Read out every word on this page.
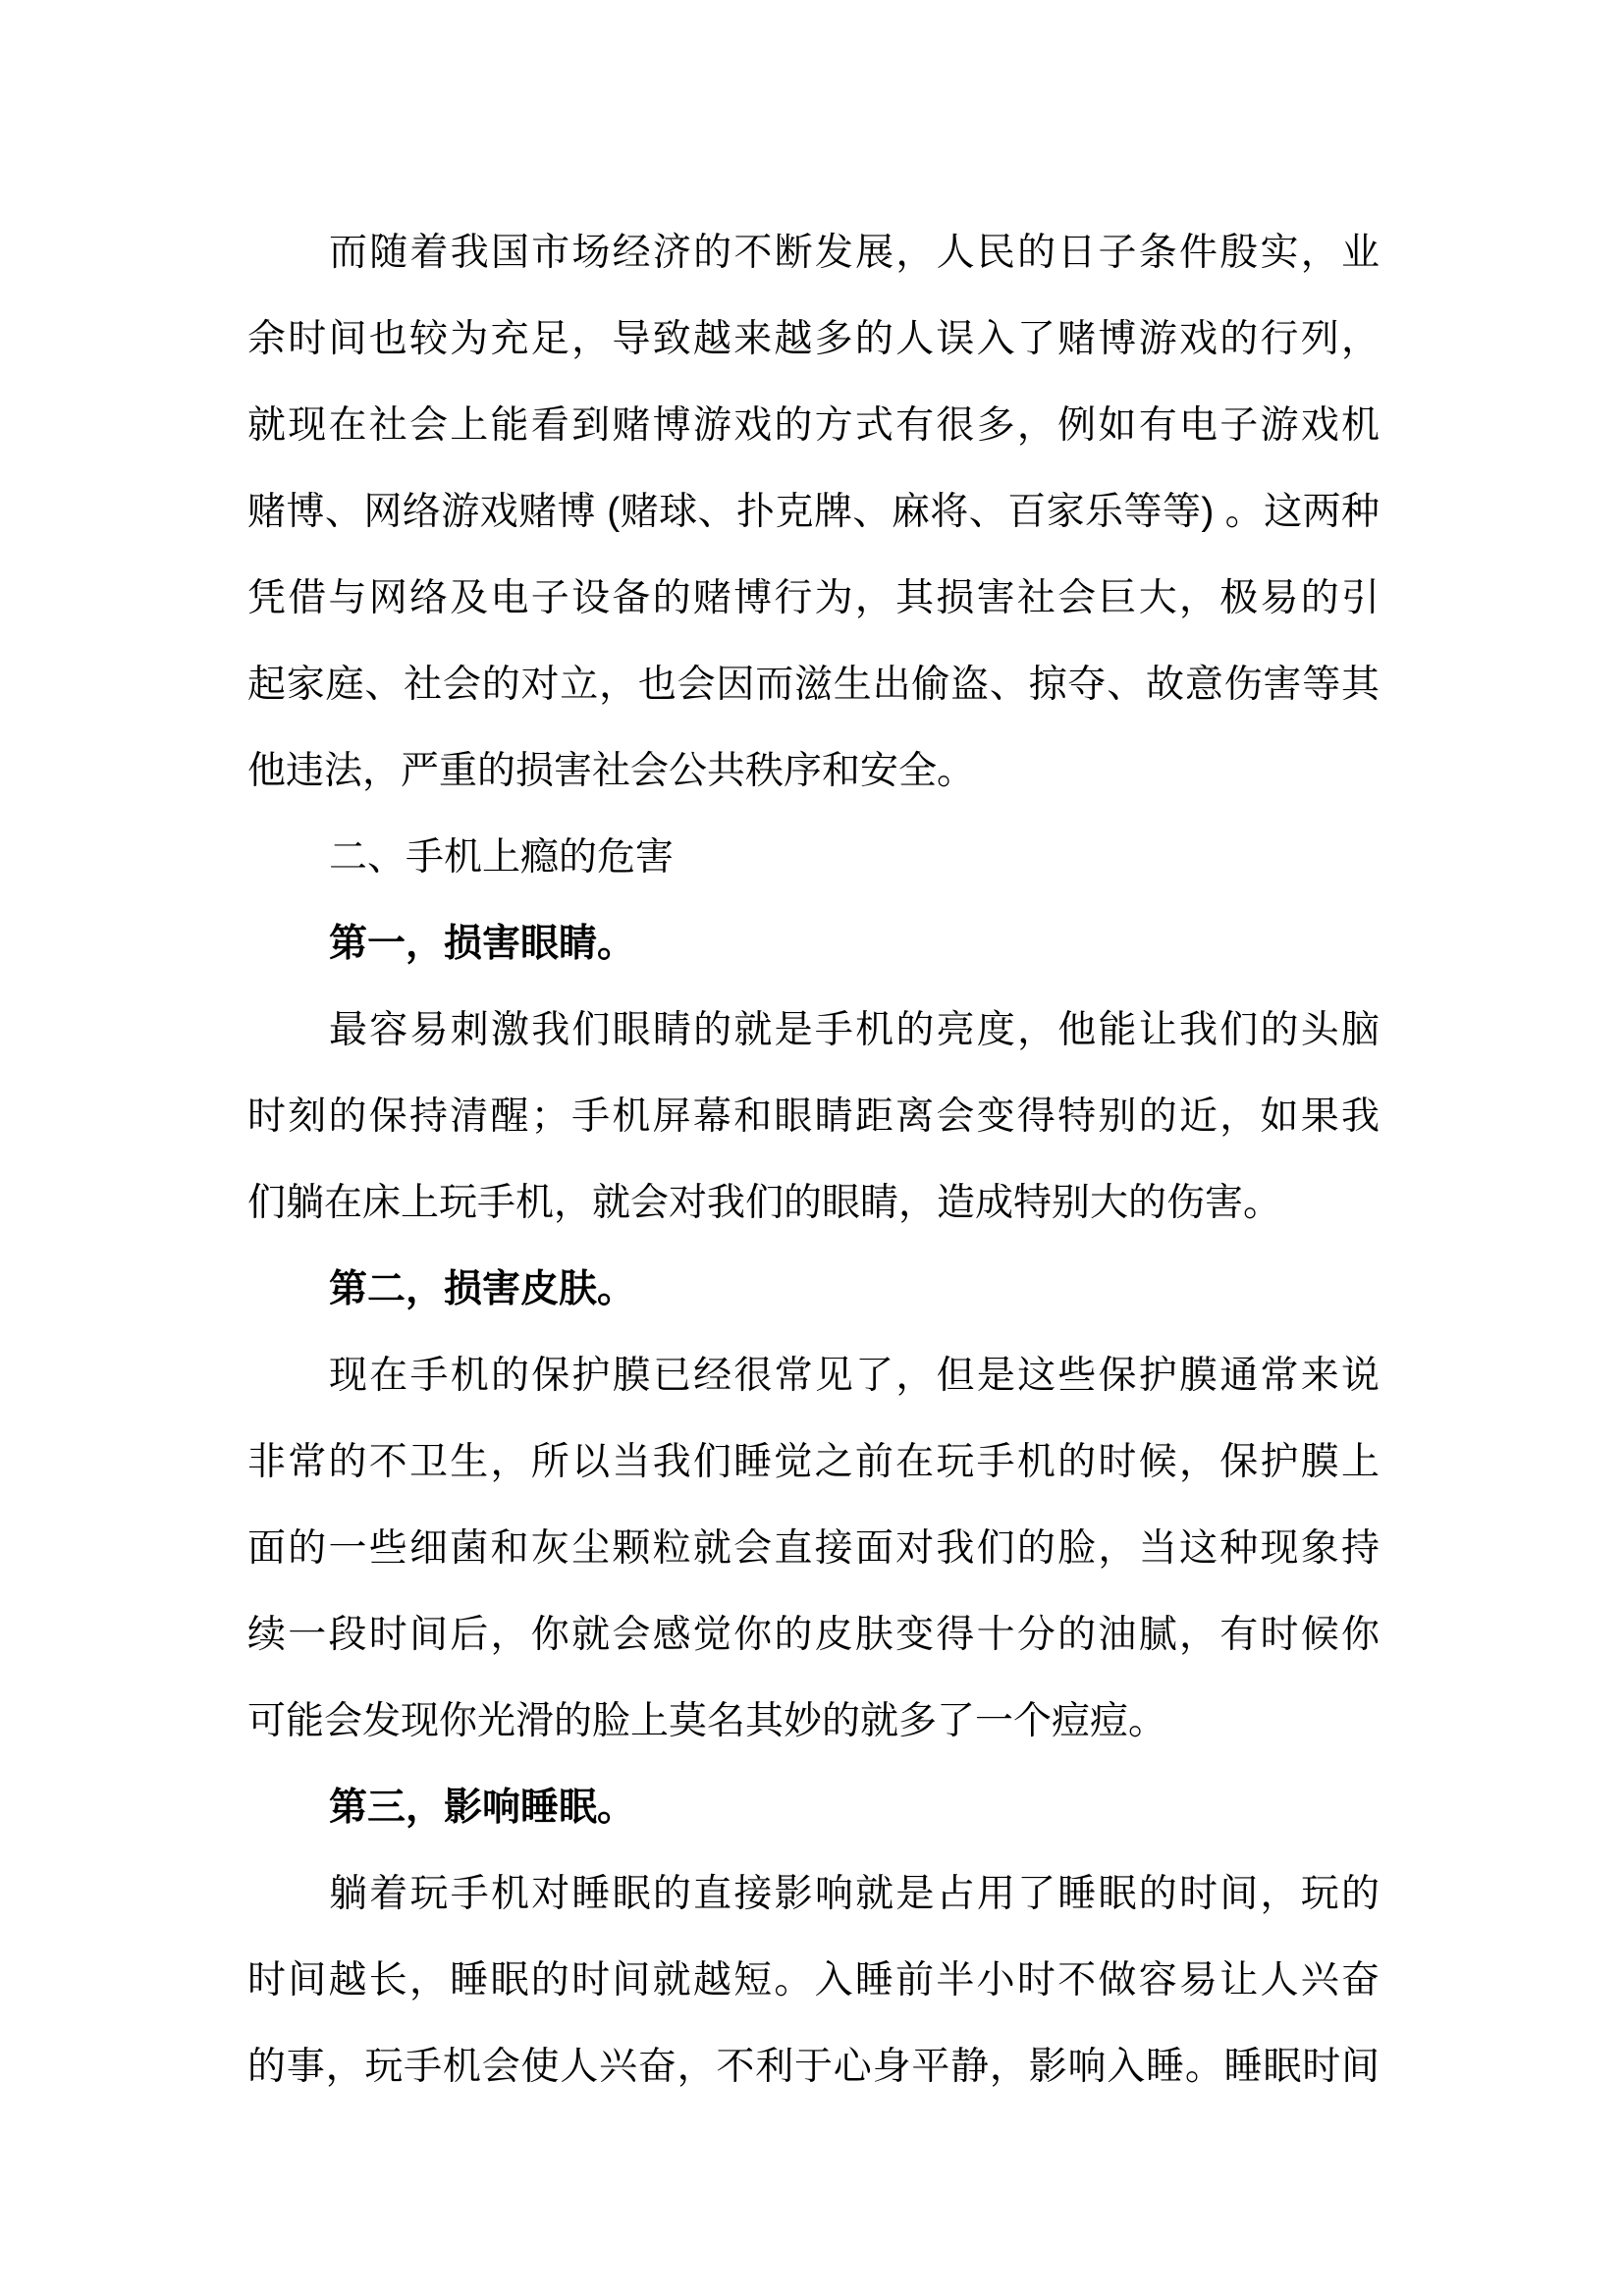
而随着我国市场经济的不断发展，人民的日子条件殷实，业
余时间也较为充足，导致越来越多的人误入了赌博游戏的行列，
就现在社会上能看到赌博游戏的方式有很多，例如有电子游戏机
赌博、网络游戏赌博 (赌球、扑克牌、麻将、百家乐等等) 。这两种
凭借与网络及电子设备的赌博行为，其损害社会巨大，极易的引
起家庭、社会的对立，也会因而滋生出偷盗、掠夺、故意伤害等其
他违法，严重的损害社会公共秩序和安全。
二、手机上瘾的危害
第一，损害眼睛。
最容易刺激我们眼睛的就是手机的亮度，他能让我们的头脑
时刻的保持清醒；手机屏幕和眼睛距离会变得特别的近，如果我
们躺在床上玩手机，就会对我们的眼睛，造成特别大的伤害。
第二，损害皮肤。
现在手机的保护膜已经很常见了，但是这些保护膜通常来说
非常的不卫生，所以当我们睡觉之前在玩手机的时候，保护膜上
面的一些细菌和灰尘颗粒就会直接面对我们的脸，当这种现象持
续一段时间后，你就会感觉你的皮肤变得十分的油腻，有时候你
可能会发现你光滑的脸上莫名其妙的就多了一个痘痘。
第三，影响睡眠。
躺着玩手机对睡眠的直接影响就是占用了睡眠的时间，玩的
时间越长，睡眠的时间就越短。入睡前半小时不做容易让人兴奋
的事，玩手机会使人兴奋，不利于心身平静，影响入睡。睡眠时间
